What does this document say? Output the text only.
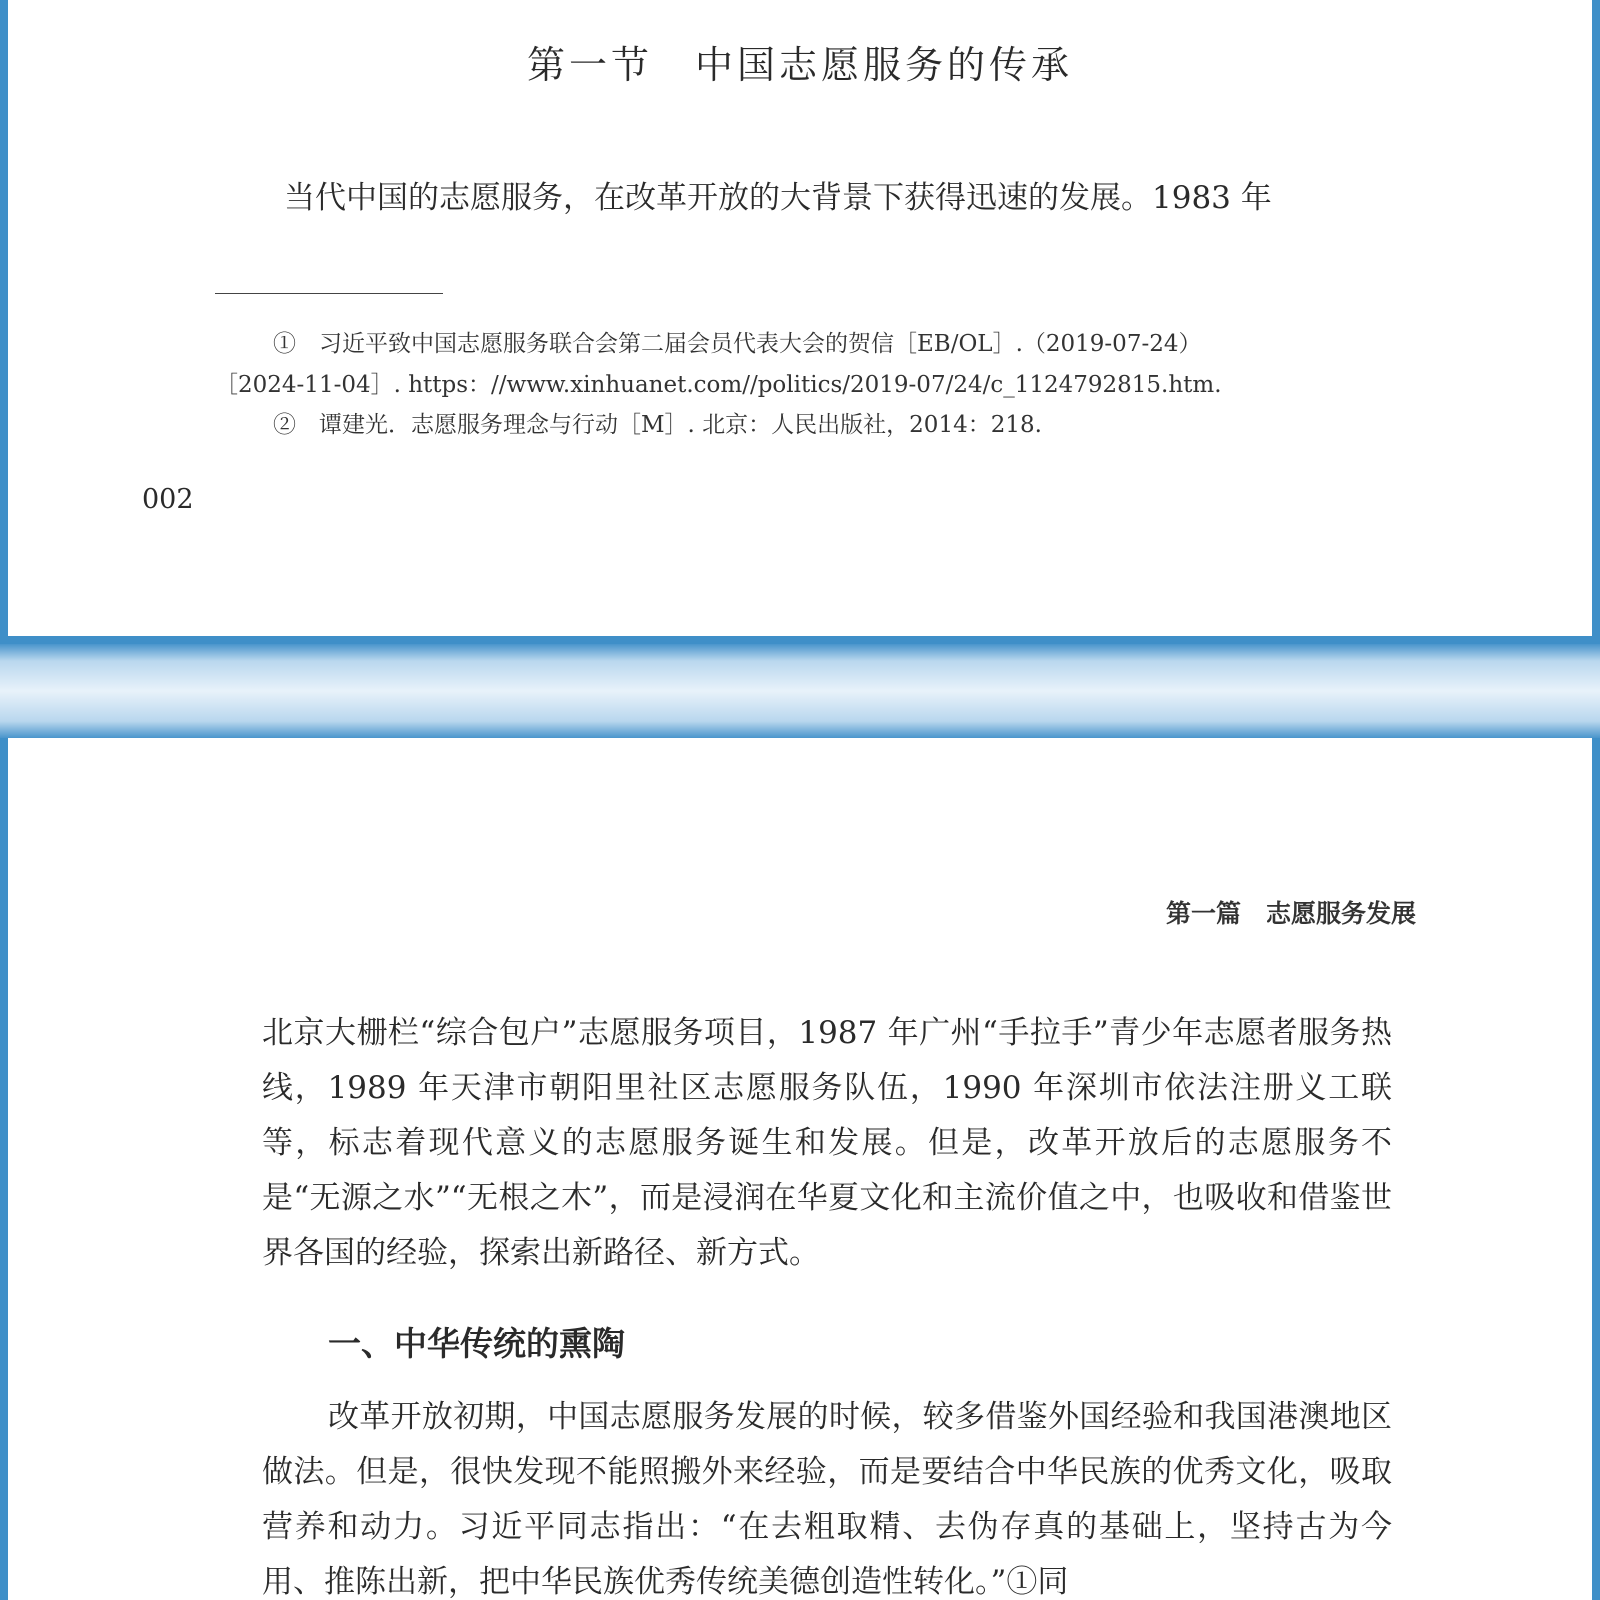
第一节　中国志愿服务的传承
当代中国的志愿服务，在改革开放的大背景下获得迅速的发展。1983 年
①　习近平致中国志愿服务联合会第二届会员代表大会的贺信［EB/OL］.（2019-07-24）
［2024-11-04］. https：//www.xinhuanet.com//politics/2019-07/24/c_1124792815.htm.
②　谭建光．志愿服务理念与行动［M］. 北京：人民出版社，2014：218.
002
第一篇　志愿服务发展
北京大栅栏“综合包户”志愿服务项目，1987 年广州“手拉手”青少年志愿者服务热线，1989 年天津市朝阳里社区志愿服务队伍，1990 年深圳市依法注册义工联等，标志着现代意义的志愿服务诞生和发展。但是，改革开放后的志愿服务不是“无源之水”“无根之木”，而是浸润在华夏文化和主流价值之中，也吸收和借鉴世界各国的经验，探索出新路径、新方式。
一、中华传统的熏陶
改革开放初期，中国志愿服务发展的时候，较多借鉴外国经验和我国港澳地区做法。但是，很快发现不能照搬外来经验，而是要结合中华民族的优秀文化，吸取营养和动力。习近平同志指出：“在去粗取精、去伪存真的基础上，坚持古为今用、推陈出新，把中华民族优秀传统美德创造性转化。”①同
